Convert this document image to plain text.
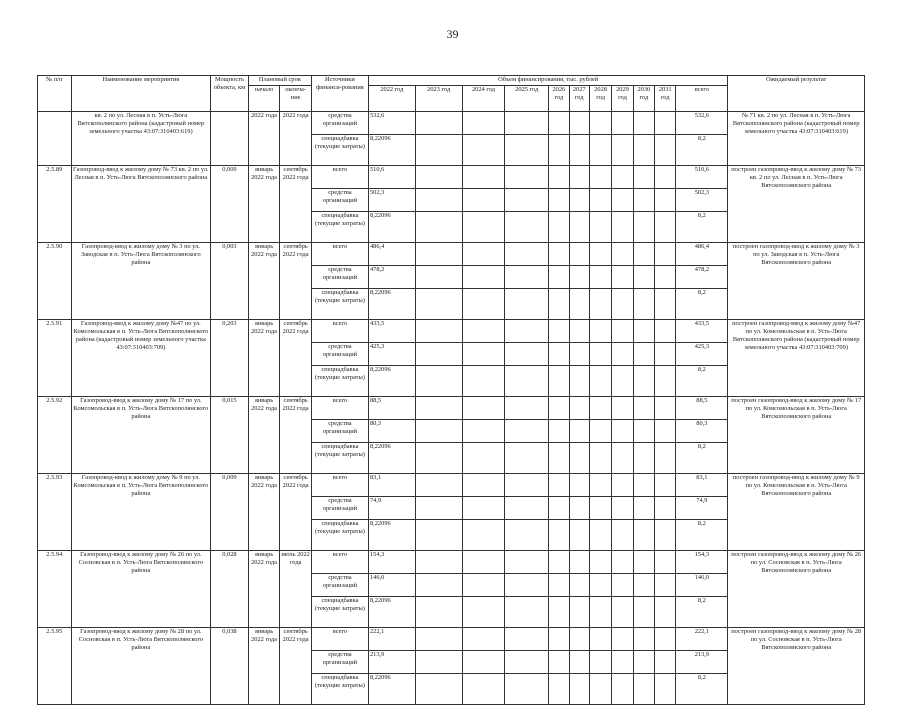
39
№ п/п	Наименование мероприятия	Мощность объекта, км	Плановый срок		Источники финанси-рования	Объем финансирования, тыс. рублей											Ожидаемый результат
			начало	оконча-ние		2022 год	2023 год	2024 год	2025 год	2026 год	2027 год	2028 год	2029 год	2030 год	2031 год	всего	

	кв. 2 по ул. Лесная в п. Усть-Люга Вятскополянского района (кадастровый номер земельного участка 43:07:310403:619)		2022 года	2022 года	средства организаций	532,6										532,6	№ 71 кв. 2 по ул. Лесная в п. Усть-Люга Вятскополянского района (кадастровый номер земельного участка 43:07:310403:619)
					спецнадбавка (текущие затраты)	8,22096										8,2	
2.5.89	Газопровод-ввод к жилому дому № 73 кв. 2 по ул. Лесная в п. Усть-Люга Вятскополянского района	0,009	январь 2022 года	сентябрь 2022 года	всего	510,6										510,6	построен газопровод-ввод к жилому дому № 73 кв. 2 по ул. Лесная в п. Усть-Люга Вятскополянского района
					средства организаций	502,3										502,3	
					спецнадбавка (текущие затраты)	8,22096										8,2	
2.5.90	Газопровод-ввод к жилому дому № 3 по ул. Заводская в п. Усть-Люга Вятскополянского района	0,003	январь 2022 года	сентябрь 2022 года	всего	486,4										486,4	построен газопровод-ввод к жилому дому № 3 по ул. Заводская в п. Усть-Люга Вятскополянского района
					средства организаций	478,2										478,2	
					спецнадбавка (текущие затраты)	8,22096										8,2	
2.5.91	Газопровод-ввод к жилому дому №47 по ул. Комсомольская в п. Усть-Люга Вятскополянского района (кадастровый номер земельного участка 43:07:310403:709)	0,203	январь 2022 года	сентябрь 2022 года	всего	433,5										433,5	построен газопровод-ввод к жилому дому №47 по ул. Комсомольская в п. Усть-Люга Вятскополянского района (кадастровый номер земельного участка 43:07:310403:709)
					средства организаций	425,3										425,3	
					спецнадбавка (текущие затраты)	8,22096										8,2	
2.5.92	Газопровод-ввод к жилому дому № 17 по ул. Комсомольская в п. Усть-Люга Вятскополянского района	0,015	январь 2022 года	сентябрь 2022 года	всего	88,5										88,5	построен газопровод-ввод к жилому дому № 17 по ул. Комсомольская в п. Усть-Люга Вятскополянского района
					средства организаций	80,3										80,3	
					спецнадбавка (текущие затраты)	8,22096										8,2	
2.5.93	Газопровод-ввод к жилому дому № 9 по ул. Комсомольская в п. Усть-Люга Вятскополянского района	0,009	январь 2022 года	сентябрь 2022 года	всего	83,1										83,1	построен газопровод-ввод к жилому дому № 9 по ул. Комсомольская в п. Усть-Люга Вятскополянского района
					средства организаций	74,9										74,9	
					спецнадбавка (текущие затраты)	8,22096										8,2	
2.5.94	Газопровод-ввод к жилому дому № 26 по ул. Сосновская в п. Усть-Люга Вятскополянского района	0,028	январь 2022 года	июль 2022 года	всего	154,3										154,3	построен газопровод-ввод к жилому дому № 26 по ул. Сосновская в п. Усть-Люга Вятскополянского района
					средства организаций	146,0										146,0	
					спецнадбавка (текущие затраты)	8,22096										8,2	
2.5.95	Газопровод-ввод к жилому дому № 28 по ул. Сосновская в п. Усть-Люга Вятскополянского района	0,038	январь 2022 года	сентябрь 2022 года	всего	222,1										222,1	построен газопровод-ввод к жилому дому № 28 по ул. Сосновская в п. Усть-Люга Вятскополянского района
					средства организаций	213,9										213,9	
					спецнадбавка (текущие затраты)	8,22096										8,2	
